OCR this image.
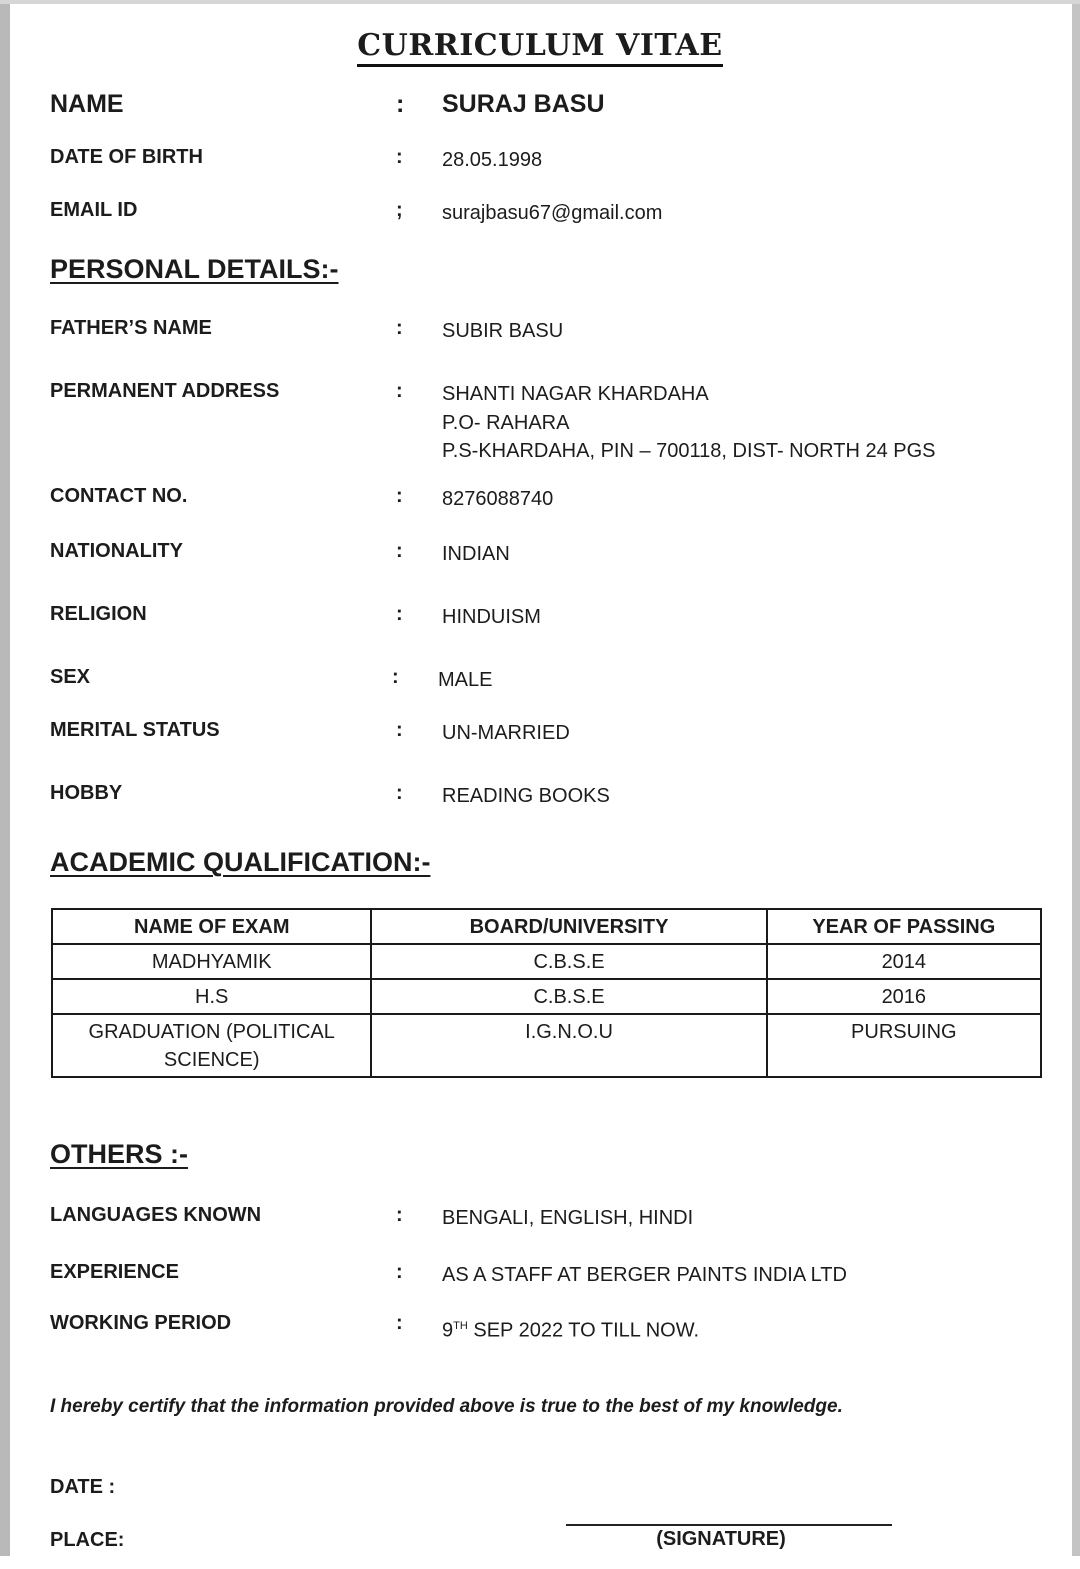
CURRICULUM VITAE
NAME	: SURAJ BASU
DATE OF BIRTH	: 28.05.1998
EMAIL ID	; surajbasu67@gmail.com
PERSONAL DETAILS:-
FATHER’S NAME	: SUBIR BASU
PERMANENT ADDRESS	: SHANTI NAGAR KHARDAHA
P.O- RAHARA
P.S-KHARDAHA, PIN – 700118, DIST- NORTH 24 PGS
CONTACT NO.	: 8276088740
NATIONALITY	: INDIAN
RELIGION	: HINDUISM
SEX	: MALE
MERITAL STATUS	: UN-MARRIED
HOBBY	: READING BOOKS
ACADEMIC QUALIFICATION:-
NAME OF EXAM	BOARD/UNIVERSITY	YEAR OF PASSING
MADHYAMIK	C.B.S.E	2014
H.S	C.B.S.E	2016
GRADUATION (POLITICAL SCIENCE)	I.G.N.O.U	PURSUING
OTHERS :-
LANGUAGES KNOWN	: BENGALI, ENGLISH, HINDI
EXPERIENCE	: AS A STAFF AT BERGER PAINTS INDIA LTD
WORKING PERIOD	: 9TH SEP 2022 TO TILL NOW.
I hereby certify that the information provided above is true to the best of my knowledge.
DATE :
PLACE:	(SIGNATURE)
